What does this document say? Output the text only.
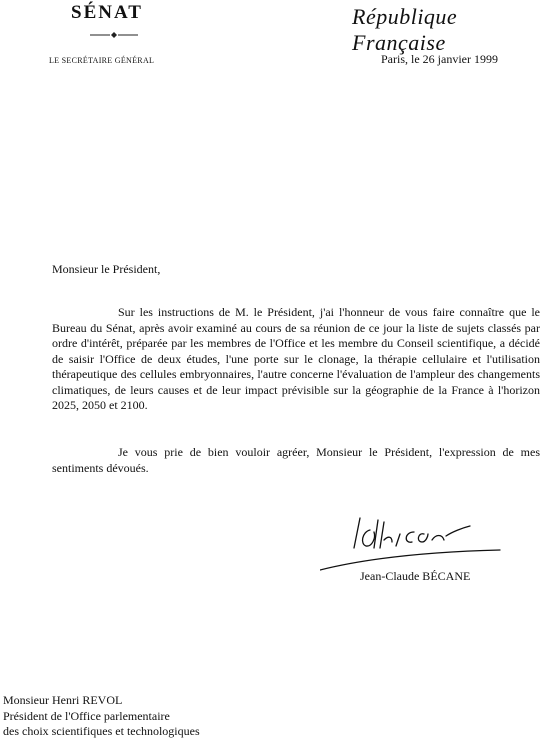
SÉNAT
LE SECRÉTAIRE GÉNÉRAL
République Française
Paris, le 26 janvier 1999
Monsieur le Président,

Sur les instructions de M. le Président, j'ai l'honneur de vous faire connaître que le Bureau du Sénat, après avoir examiné au cours de sa réunion de ce jour la liste de sujets classés par ordre d'intérêt, préparée par les membres de l'Office et les membre du Conseil scientifique, a décidé de saisir l'Office de deux études, l'une porte sur le clonage, la thérapie cellulaire et l'utilisation thérapeutique des cellules embryonnaires, l'autre concerne l'évaluation de l'ampleur des changements climatiques, de leurs causes et de leur impact prévisible sur la géographie de la France à l'horizon 2025, 2050 et 2100.

Je vous prie de bien vouloir agréer, Monsieur le Président, l'expression de mes sentiments dévoués.

Jean-Claude BÉCANE
Monsieur Henri REVOL
Président de l'Office parlementaire
des choix scientifiques et technologiques
